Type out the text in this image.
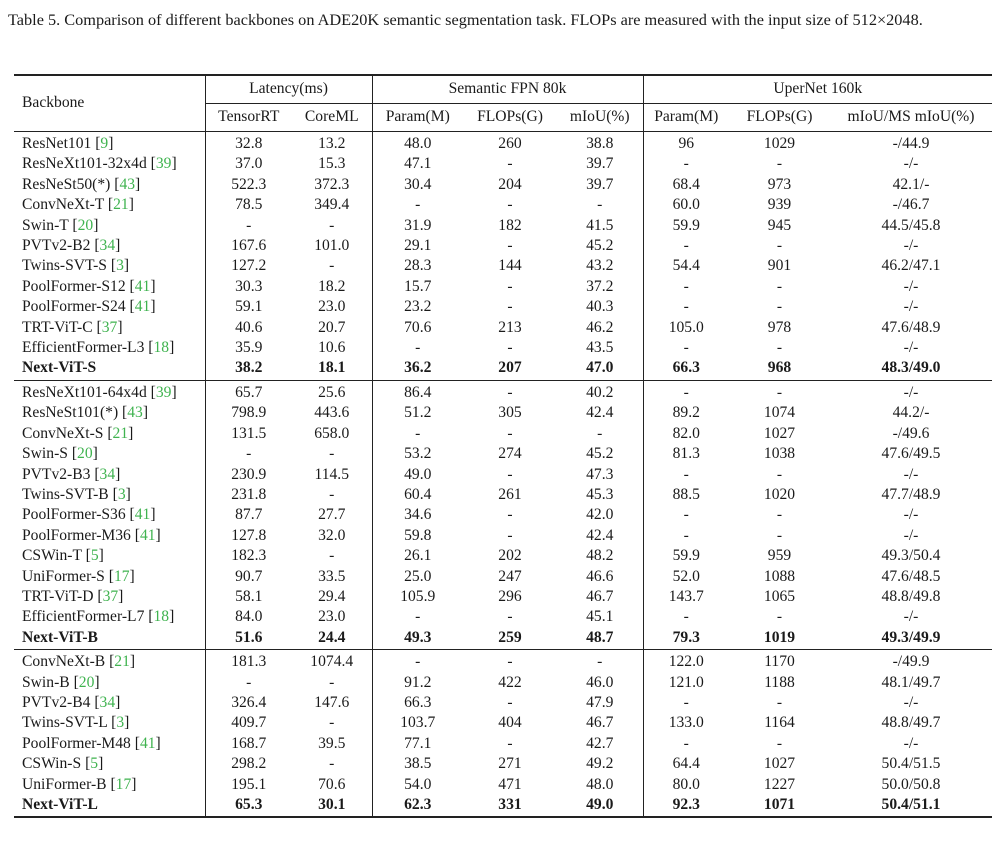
Table 5. Comparison of different backbones on ADE20K semantic segmentation task. FLOPs are measured with the input size of 512×2048.

Backbone	Latency(ms)		Semantic FPN 80k			UperNet 160k		
	TensorRT	CoreML	Param(M)	FLOPs(G)	mIoU(%)	Param(M)	FLOPs(G)	mIoU/MS mIoU(%)
ResNet101 [9]	32.8	13.2	48.0	260	38.8	96	1029	-/44.9
ResNeXt101-32x4d [39]	37.0	15.3	47.1	-	39.7	-	-	-/-
ResNeSt50(*) [43]	522.3	372.3	30.4	204	39.7	68.4	973	42.1/-
ConvNeXt-T [21]	78.5	349.4	-	-	-	60.0	939	-/46.7
Swin-T [20]	-	-	31.9	182	41.5	59.9	945	44.5/45.8
PVTv2-B2 [34]	167.6	101.0	29.1	-	45.2	-	-	-/-
Twins-SVT-S [3]	127.2	-	28.3	144	43.2	54.4	901	46.2/47.1
PoolFormer-S12 [41]	30.3	18.2	15.7	-	37.2	-	-	-/-
PoolFormer-S24 [41]	59.1	23.0	23.2	-	40.3	-	-	-/-
TRT-ViT-C [37]	40.6	20.7	70.6	213	46.2	105.0	978	47.6/48.9
EfficientFormer-L3 [18]	35.9	10.6	-	-	43.5	-	-	-/-
Next-ViT-S	38.2	18.1	36.2	207	47.0	66.3	968	48.3/49.0
ResNeXt101-64x4d [39]	65.7	25.6	86.4	-	40.2	-	-	-/-
ResNeSt101(*) [43]	798.9	443.6	51.2	305	42.4	89.2	1074	44.2/-
ConvNeXt-S [21]	131.5	658.0	-	-	-	82.0	1027	-/49.6
Swin-S [20]	-	-	53.2	274	45.2	81.3	1038	47.6/49.5
PVTv2-B3 [34]	230.9	114.5	49.0	-	47.3	-	-	-/-
Twins-SVT-B [3]	231.8	-	60.4	261	45.3	88.5	1020	47.7/48.9
PoolFormer-S36 [41]	87.7	27.7	34.6	-	42.0	-	-	-/-
PoolFormer-M36 [41]	127.8	32.0	59.8	-	42.4	-	-	-/-
CSWin-T [5]	182.3	-	26.1	202	48.2	59.9	959	49.3/50.4
UniFormer-S [17]	90.7	33.5	25.0	247	46.6	52.0	1088	47.6/48.5
TRT-ViT-D [37]	58.1	29.4	105.9	296	46.7	143.7	1065	48.8/49.8
EfficientFormer-L7 [18]	84.0	23.0	-	-	45.1	-	-	-/-
Next-ViT-B	51.6	24.4	49.3	259	48.7	79.3	1019	49.3/49.9
ConvNeXt-B [21]	181.3	1074.4	-	-	-	122.0	1170	-/49.9
Swin-B [20]	-	-	91.2	422	46.0	121.0	1188	48.1/49.7
PVTv2-B4 [34]	326.4	147.6	66.3	-	47.9	-	-	-/-
Twins-SVT-L [3]	409.7	-	103.7	404	46.7	133.0	1164	48.8/49.7
PoolFormer-M48 [41]	168.7	39.5	77.1	-	42.7	-	-	-/-
CSWin-S [5]	298.2	-	38.5	271	49.2	64.4	1027	50.4/51.5
UniFormer-B [17]	195.1	70.6	54.0	471	48.0	80.0	1227	50.0/50.8
Next-ViT-L	65.3	30.1	62.3	331	49.0	92.3	1071	50.4/51.1
